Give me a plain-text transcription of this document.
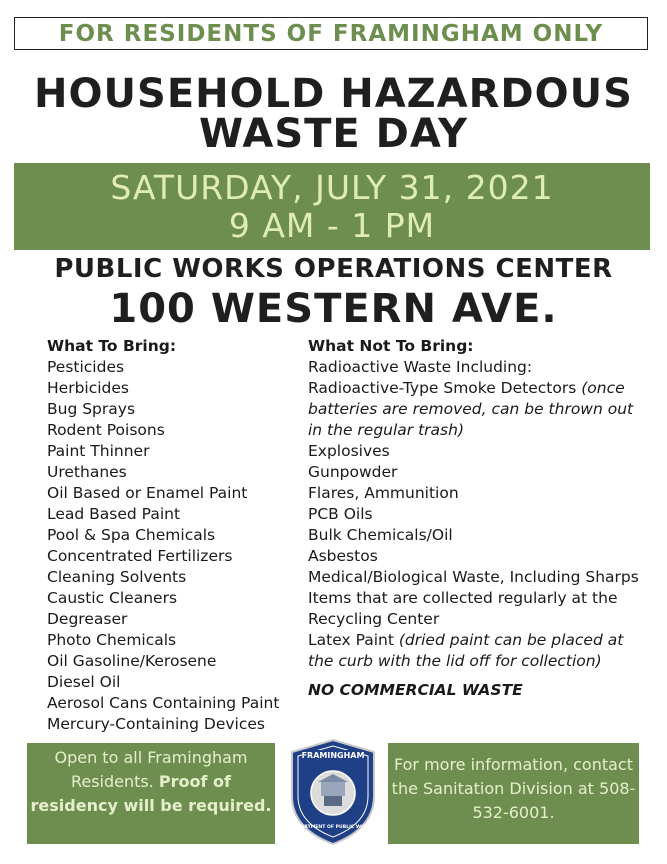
FOR RESIDENTS OF FRAMINGHAM ONLY
HOUSEHOLD HAZARDOUS
WASTE DAY
SATURDAY, JULY 31, 2021
9 AM - 1 PM
PUBLIC WORKS OPERATIONS CENTER
100 WESTERN AVE.
What To Bring:
Pesticides
Herbicides
Bug Sprays
Rodent Poisons
Paint Thinner
Urethanes
Oil Based or Enamel Paint
Lead Based Paint
Pool & Spa Chemicals
Concentrated Fertilizers
Cleaning Solvents
Caustic Cleaners
Degreaser
Photo Chemicals
Oil Gasoline/Kerosene
Diesel Oil
Aerosol Cans Containing Paint
Mercury-Containing Devices
What Not To Bring:
Radioactive Waste Including:
Radioactive-Type Smoke Detectors (once batteries are removed, can be thrown out in the regular trash)
Explosives
Gunpowder
Flares, Ammunition
PCB Oils
Bulk Chemicals/Oil
Asbestos
Medical/Biological Waste, Including Sharps
Items that are collected regularly at the Recycling Center
Latex Paint (dried paint can be placed at the curb with the lid off for collection)
NO COMMERCIAL WASTE
Open to all Framingham Residents. Proof of residency will be required.
FRAMINGHAM
DEPARTMENT OF PUBLIC WORKS
For more information, contact the Sanitation Division at 508-532-6001.
